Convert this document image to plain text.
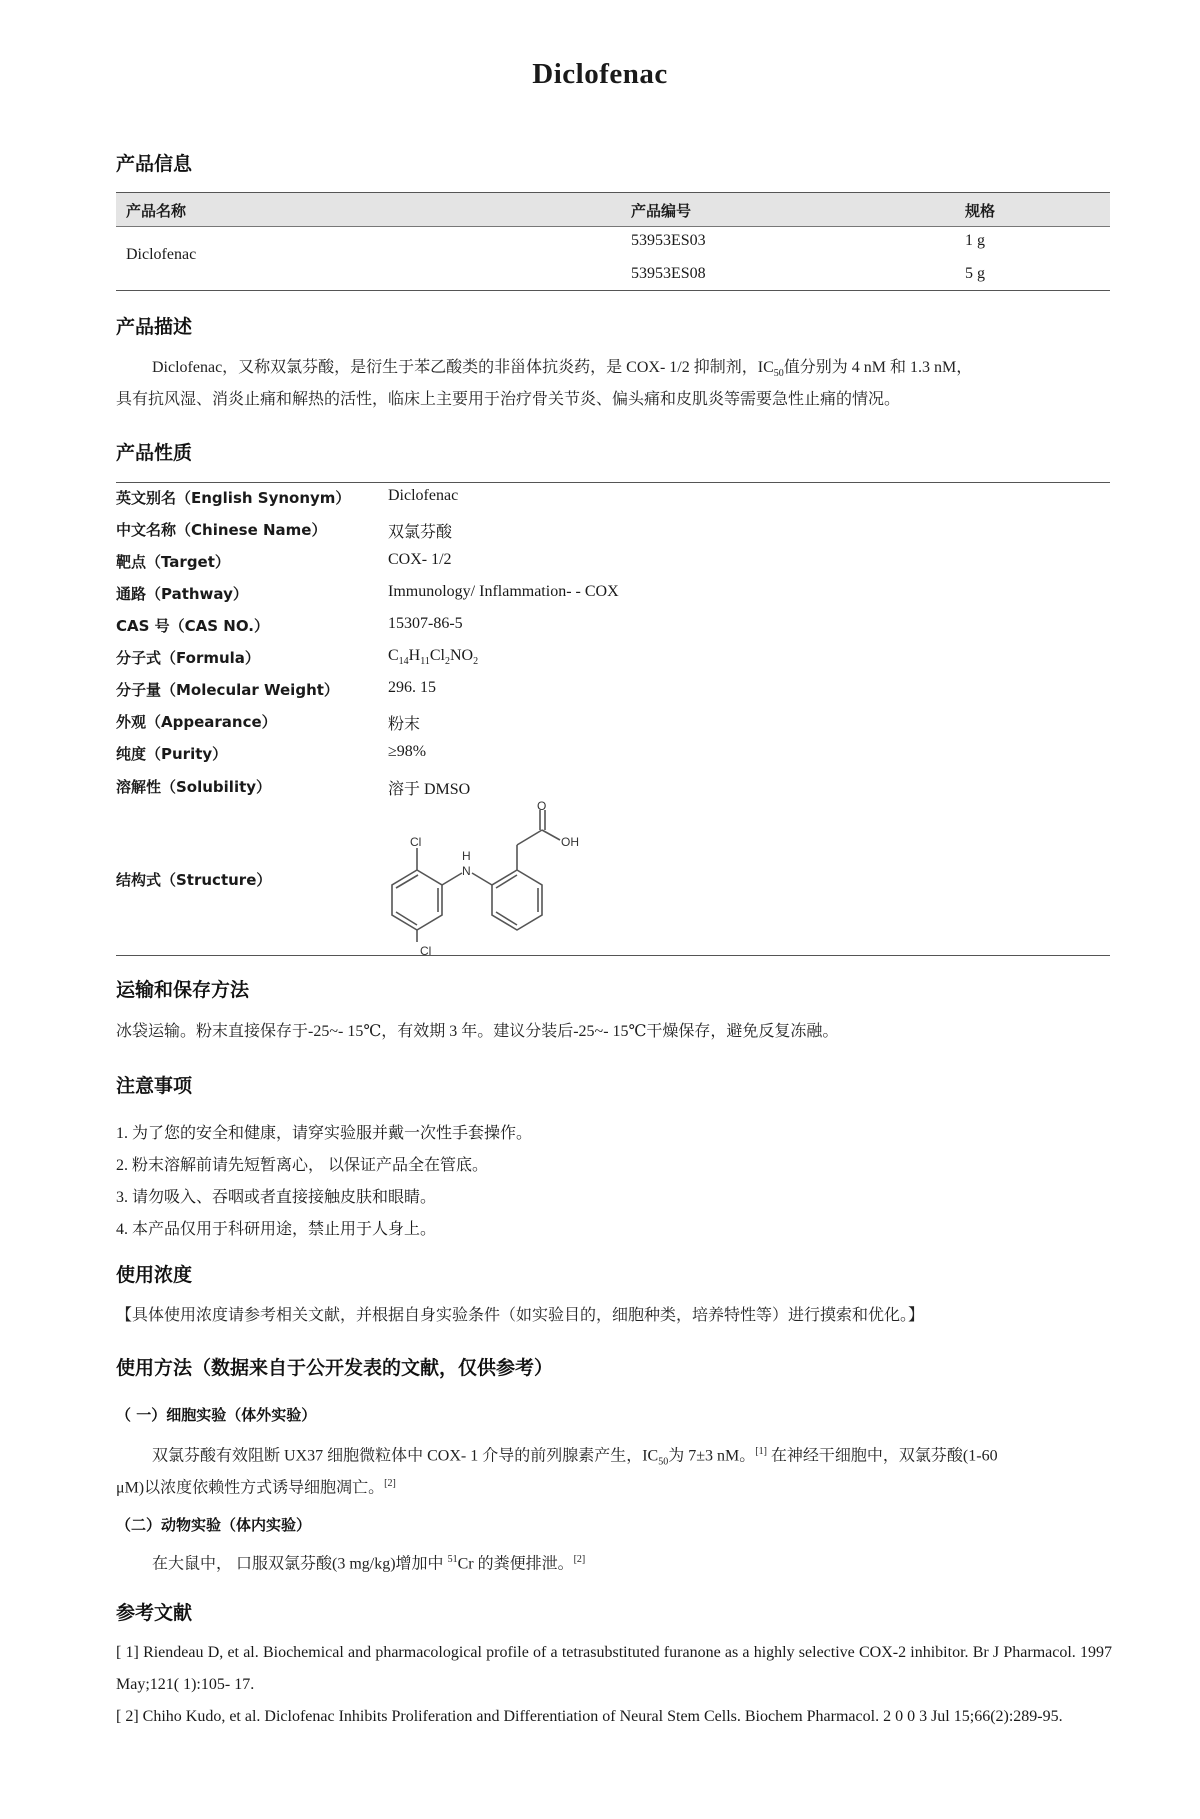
Diclofenac
产品信息
产品名称	产品编号	规格
Diclofenac
53953ES03	1 g
53953ES08	5 g
产品描述
Diclofenac，又称双氯芬酸，是衍生于苯乙酸类的非甾体抗炎药，是 COX- 1/2 抑制剂，$IC_{50}$值分别为 4 nM 和 1.3 nM，
具有抗风湿、消炎止痛和解热的活性，临床上主要用于治疗骨关节炎、偏头痛和皮肌炎等需要急性止痛的情况。
产品性质
英文别名（English Synonym） Diclofenac
中文名称（Chinese Name）	双氯芬酸
靶点（Target）	COX- 1/2
通路（Pathway）	Immunology/ Inflammation- - COX
CAS 号（CAS NO.）	15307-86-5
分子式（Formula）	$C_{14}H_{11}Cl_2NO_2$
分子量（Molecular Weight）	296. 15
外观（Appearance）	粉末
纯度（Purity）	≥98%
溶解性（Solubility）	溶于 DMSO
结构式（Structure）
O
OH
H
N
Cl
Cl
运输和保存方法
冰袋运输。粉末直接保存于-25~- 15℃，有效期 3 年。建议分装后-25~- 15℃干燥保存，避免反复冻融。
注意事项
1. 为了您的安全和健康，请穿实验服并戴一次性手套操作。
2. 粉末溶解前请先短暂离心， 以保证产品全在管底。
3. 请勿吸入、吞咽或者直接接触皮肤和眼睛。
4. 本产品仅用于科研用途，禁止用于人身上。
使用浓度
【具体使用浓度请参考相关文献，并根据自身实验条件（如实验目的，细胞种类，培养特性等）进行摸索和优化。】
使用方法（数据来自于公开发表的文献，仅供参考）
（ 一）细胞实验（体外实验）
双氯芬酸有效阻断 UX37 细胞微粒体中 COX- 1 介导的前列腺素产生，$IC_{50}$为 7±3 nM。[1] 在神经干细胞中，双氯芬酸(1-60
μM)以浓度依赖性方式诱导细胞凋亡。[2]
（二）动物实验（体内实验）
在大鼠中， 口服双氯芬酸(3 mg/kg)增加中 $^{51}$Cr 的粪便排泄。[2]
参考文献
[ 1] Riendeau D, et al. Biochemical and pharmacological profile of a tetrasubstituted furanone as a highly selective COX-2 inhibitor. Br J Pharmacol. 1997 May;121( 1):105- 17.
[ 2] Chiho Kudo, et al. Diclofenac Inhibits Proliferation and Differentiation of Neural Stem Cells. Biochem Pharmacol. 2 0 0 3 Jul 15;66(2):289-95.
